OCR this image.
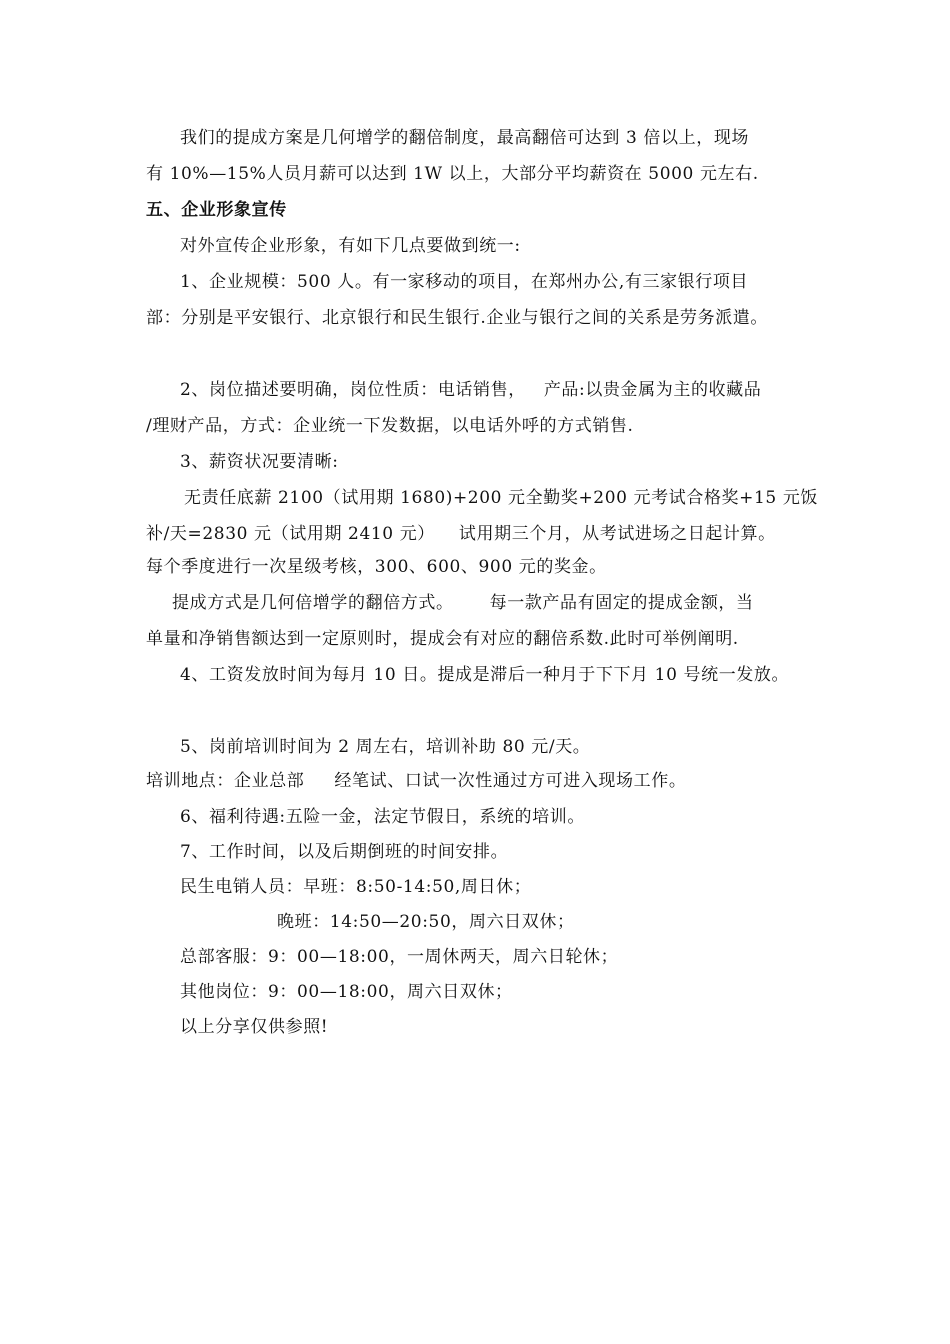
我们的提成方案是几何增学的翻倍制度，最高翻倍可达到 3 倍以上，现场
有 10%—15%人员月薪可以达到 1W 以上，大部分平均薪资在 5000 元左右.
五、企业形象宣传
对外宣传企业形象，有如下几点要做到统一:
1、企业规模：500 人。有一家移动的项目，在郑州办公,有三家银行项目
部：分别是平安银行、北京银行和民生银行.企业与银行之间的关系是劳务派遣。
2、岗位描述要明确，岗位性质：电话销售，   产品:以贵金属为主的收藏品
/理财产品，方式：企业统一下发数据，以电话外呼的方式销售.
3、薪资状况要清晰:
无责任底薪 2100（试用期 1680)+200 元全勤奖+200 元考试合格奖+15 元饭
补/天=2830 元（试用期 2410 元）    试用期三个月，从考试进场之日起计算。
每个季度进行一次星级考核，300、600、900 元的奖金。
提成方式是几何倍增学的翻倍方式。      每一款产品有固定的提成金额，当
单量和净销售额达到一定原则时，提成会有对应的翻倍系数.此时可举例阐明.
4、工资发放时间为每月 10 日。提成是滞后一种月于下下月 10 号统一发放。
5、岗前培训时间为 2 周左右，培训补助 80 元/天。
培训地点：企业总部     经笔试、口试一次性通过方可进入现场工作。
6、福利待遇:五险一金，法定节假日，系统的培训。
7、工作时间，以及后期倒班的时间安排。
民生电销人员：早班：8:50-14:50,周日休；
晚班：14:50—20:50，周六日双休；
总部客服：9：00—18:00，一周休两天，周六日轮休；
其他岗位：9：00—18:00，周六日双休；
以上分享仅供参照!
